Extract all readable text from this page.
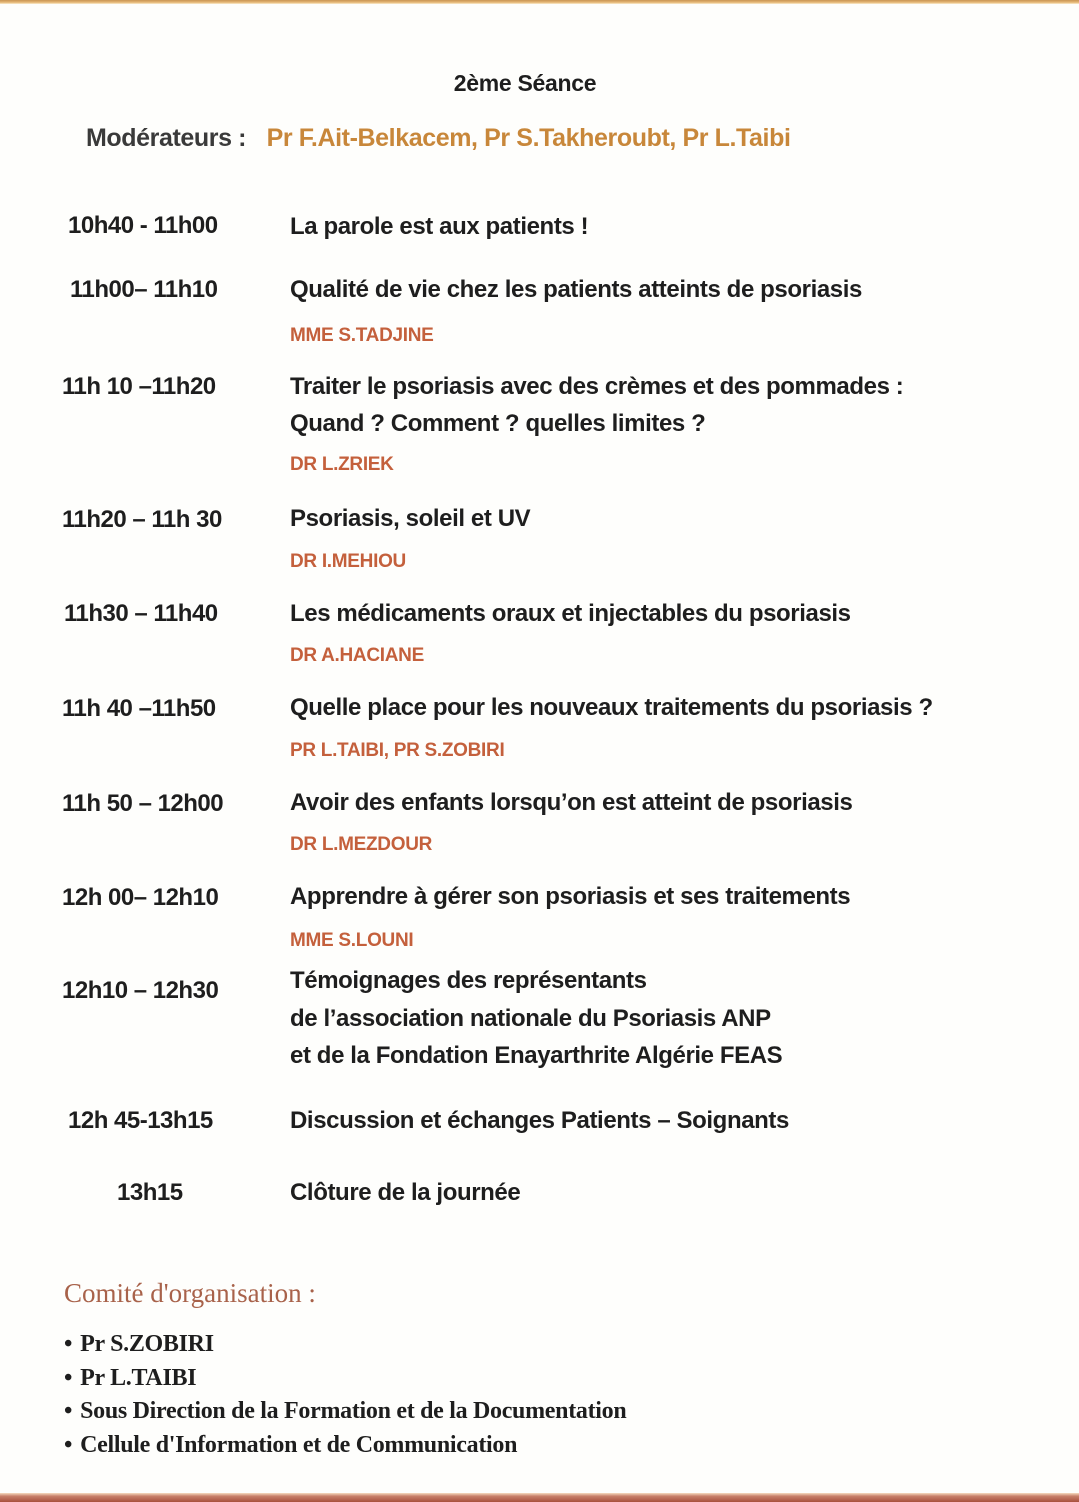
2ème Séance
Modérateurs : Pr F.Ait-Belkacem, Pr S.Takheroubt, Pr L.Taibi
10h40 - 11h00	La parole est aux patients !
11h00– 11h10	Qualité de vie chez les patients atteints de psoriasis
MME S.TADJINE
11h 10 –11h20	Traiter le psoriasis avec des crèmes et des pommades :
Quand ? Comment ? quelles limites ?
DR L.ZRIEK
11h20 – 11h 30	Psoriasis, soleil et UV
DR I.MEHIOU
11h30 – 11h40	Les médicaments oraux et injectables du psoriasis
DR A.HACIANE
11h 40 –11h50	Quelle place pour les nouveaux traitements du psoriasis ?
PR L.TAIBI, PR S.ZOBIRI
11h 50 – 12h00	Avoir des enfants lorsqu’on est atteint de psoriasis
DR L.MEZDOUR
12h 00– 12h10	Apprendre à gérer son psoriasis et ses traitements
MME S.LOUNI
12h10 – 12h30	Témoignages des représentants
de l’association nationale du Psoriasis ANP
et de la Fondation Enayarthrite Algérie FEAS
12h 45-13h15	Discussion et échanges Patients – Soignants
13h15	Clôture de la journée
Comité d'organisation :
• Pr S.ZOBIRI
• Pr L.TAIBI
• Sous Direction de la Formation et de la Documentation
• Cellule d'Information et de Communication
